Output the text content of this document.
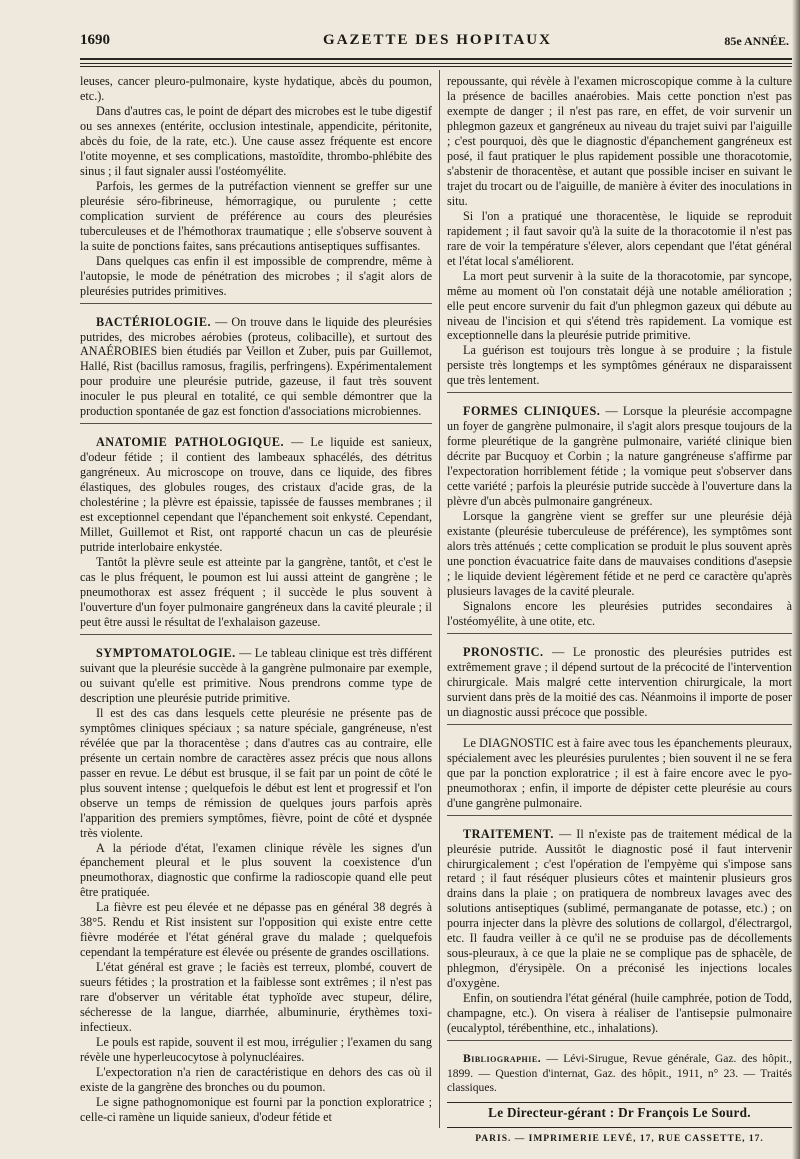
1690	GAZETTE DES HOPITAUX	85e ANNÉE.

leuses, cancer pleuro-pulmonaire, kyste hydatique, abcès du poumon, etc.).

Dans d'autres cas, le point de départ des microbes est le tube digestif ou ses annexes (entérite, occlusion intestinale, appendicite, péritonite, abcès du foie, de la rate, etc.). Une cause assez fréquente est encore l'otite moyenne, et ses complications, mastoïdite, thrombo-phlébite des sinus ; il faut signaler aussi l'ostéomyélite.

Parfois, les germes de la putréfaction viennent se greffer sur une pleurésie séro-fibrineuse, hémorragique, ou purulente ; cette complication survient de préférence au cours des pleurésies tuberculeuses et de l'hémothorax traumatique ; elle s'observe souvent à la suite de ponctions faites, sans précautions antiseptiques suffisantes.

Dans quelques cas enfin il est impossible de comprendre, même à l'autopsie, le mode de pénétration des microbes ; il s'agit alors de pleurésies putrides primitives.

BACTÉRIOLOGIE. — On trouve dans le liquide des pleurésies putrides, des microbes aérobies (proteus, colibacille), et surtout des ANAÉROBIES bien étudiés par Veillon et Zuber, puis par Guillemot, Hallé, Rist (bacillus ramosus, fragilis, perfringens). Expérimentalement pour produire une pleurésie putride, gazeuse, il faut très souvent inoculer le pus pleural en totalité, ce qui semble démontrer que la production spontanée de gaz est fonction d'associations microbiennes.

ANATOMIE PATHOLOGIQUE. — Le liquide est sanieux, d'odeur fétide ; il contient des lambeaux sphacélés, des détritus gangréneux. Au microscope on trouve, dans ce liquide, des fibres élastiques, des globules rouges, des cristaux d'acide gras, de la cholestérine ; la plèvre est épaissie, tapissée de fausses membranes ; il est exceptionnel cependant que l'épanchement soit enkysté. Cependant, Millet, Guillemot et Rist, ont rapporté chacun un cas de pleurésie putride interlobaire enkystée.

Tantôt la plèvre seule est atteinte par la gangrène, tantôt, et c'est le cas le plus fréquent, le poumon est lui aussi atteint de gangrène ; le pneumothorax est assez fréquent ; il succède le plus souvent à l'ouverture d'un foyer pulmonaire gangréneux dans la cavité pleurale ; il peut être aussi le résultat de l'exhalaison gazeuse.

SYMPTOMATOLOGIE. — Le tableau clinique est très différent suivant que la pleurésie succède à la gangrène pulmonaire par exemple, ou suivant qu'elle est primitive. Nous prendrons comme type de description une pleurésie putride primitive.

Il est des cas dans lesquels cette pleurésie ne présente pas de symptômes cliniques spéciaux ; sa nature spéciale, gangréneuse, n'est révélée que par la thoracentèse ; dans d'autres cas au contraire, elle présente un certain nombre de caractères assez précis que nous allons passer en revue. Le début est brusque, il se fait par un point de côté le plus souvent intense ; quelquefois le début est lent et progressif et l'on observe un temps de rémission de quelques jours parfois après l'apparition des premiers symptômes, fièvre, point de côté et dyspnée très violente.

A la période d'état, l'examen clinique révèle les signes d'un épanchement pleural et le plus souvent la coexistence d'un pneumothorax, diagnostic que confirme la radioscopie quand elle peut être pratiquée.

La fièvre est peu élevée et ne dépasse pas en général 38 degrés à 38°5. Rendu et Rist insistent sur l'opposition qui existe entre cette fièvre modérée et l'état général grave du malade ; quelquefois cependant la température est élevée ou présente de grandes oscillations.

L'état général est grave ; le faciès est terreux, plombé, couvert de sueurs fétides ; la prostration et la faiblesse sont extrêmes ; il n'est pas rare d'observer un véritable état typhoïde avec stupeur, délire, sécheresse de la langue, diarrhée, albuminurie, érythèmes toxi-infectieux.

Le pouls est rapide, souvent il est mou, irrégulier ; l'examen du sang révèle une hyperleucocytose à polynucléaires.

L'expectoration n'a rien de caractéristique en dehors des cas où il existe de la gangrène des bronches ou du poumon.

Le signe pathognomonique est fourni par la ponction exploratrice ; celle-ci ramène un liquide sanieux, d'odeur fétide et

repoussante, qui révèle à l'examen microscopique comme à la culture la présence de bacilles anaérobies. Mais cette ponction n'est pas exempte de danger ; il n'est pas rare, en effet, de voir survenir un phlegmon gazeux et gangréneux au niveau du trajet suivi par l'aiguille ; c'est pourquoi, dès que le diagnostic d'épanchement gangréneux est posé, il faut pratiquer le plus rapidement possible une thoracotomie, s'abstenir de thoracentèse, et autant que possible inciser en suivant le trajet du trocart ou de l'aiguille, de manière à éviter des inoculations in situ.

Si l'on a pratiqué une thoracentèse, le liquide se reproduit rapidement ; il faut savoir qu'à la suite de la thoracotomie il n'est pas rare de voir la température s'élever, alors cependant que l'état général et l'état local s'améliorent.

La mort peut survenir à la suite de la thoracotomie, par syncope, même au moment où l'on constatait déjà une notable amélioration ; elle peut encore survenir du fait d'un phlegmon gazeux qui débute au niveau de l'incision et qui s'étend très rapidement. La vomique est exceptionnelle dans la pleurésie putride primitive.

La guérison est toujours très longue à se produire ; la fistule persiste très longtemps et les symptômes généraux ne disparaissent que très lentement.

FORMES CLINIQUES. — Lorsque la pleurésie accompagne un foyer de gangrène pulmonaire, il s'agit alors presque toujours de la forme pleurétique de la gangrène pulmonaire, variété clinique bien décrite par Bucquoy et Corbin ; la nature gangréneuse s'affirme par l'expectoration horriblement fétide ; la vomique peut s'observer dans cette variété ; parfois la pleurésie putride succède à l'ouverture dans la plèvre d'un abcès pulmonaire gangréneux.

Lorsque la gangrène vient se greffer sur une pleurésie déjà existante (pleurésie tuberculeuse de préférence), les symptômes sont alors très atténués ; cette complication se produit le plus souvent après une ponction évacuatrice faite dans de mauvaises conditions d'asepsie ; le liquide devient légèrement fétide et ne perd ce caractère qu'après plusieurs lavages de la cavité pleurale.

Signalons encore les pleurésies putrides secondaires à l'ostéomyélite, à une otite, etc.

PRONOSTIC. — Le pronostic des pleurésies putrides est extrêmement grave ; il dépend surtout de la précocité de l'intervention chirurgicale. Mais malgré cette intervention chirurgicale, la mort survient dans près de la moitié des cas. Néanmoins il importe de poser un diagnostic aussi précoce que possible.

Le DIAGNOSTIC est à faire avec tous les épanchements pleuraux, spécialement avec les pleurésies purulentes ; bien souvent il ne se fera que par la ponction exploratrice ; il est à faire encore avec le pyo-pneumothorax ; enfin, il importe de dépister cette pleurésie au cours d'une gangrène pulmonaire.

TRAITEMENT. — Il n'existe pas de traitement médical de la pleurésie putride. Aussitôt le diagnostic posé il faut intervenir chirurgicalement ; c'est l'opération de l'empyème qui s'impose sans retard ; il faut réséquer plusieurs côtes et maintenir plusieurs gros drains dans la plaie ; on pratiquera de nombreux lavages avec des solutions antiseptiques (sublimé, permanganate de potasse, etc.) ; on pourra injecter dans la plèvre des solutions de collargol, d'électrargol, etc. Il faudra veiller à ce qu'il ne se produise pas de décollements sous-pleuraux, à ce que la plaie ne se complique pas de sphacèle, de phlegmon, d'érysipèle. On a préconisé les injections locales d'oxygène.

Enfin, on soutiendra l'état général (huile camphrée, potion de Todd, champagne, etc.). On visera à réaliser de l'antisepsie pulmonaire (eucalyptol, térébenthine, etc., inhalations).

Bibliographie. — Lévi-Sirugue, Revue générale, Gaz. des hôpit., 1899. — Question d'internat, Gaz. des hôpit., 1911, n° 23. — Traités classiques.

Le Directeur-gérant : Dr François Le Sourd.
PARIS. — IMPRIMERIE LEVÉ, 17, RUE CASSETTE, 17.
